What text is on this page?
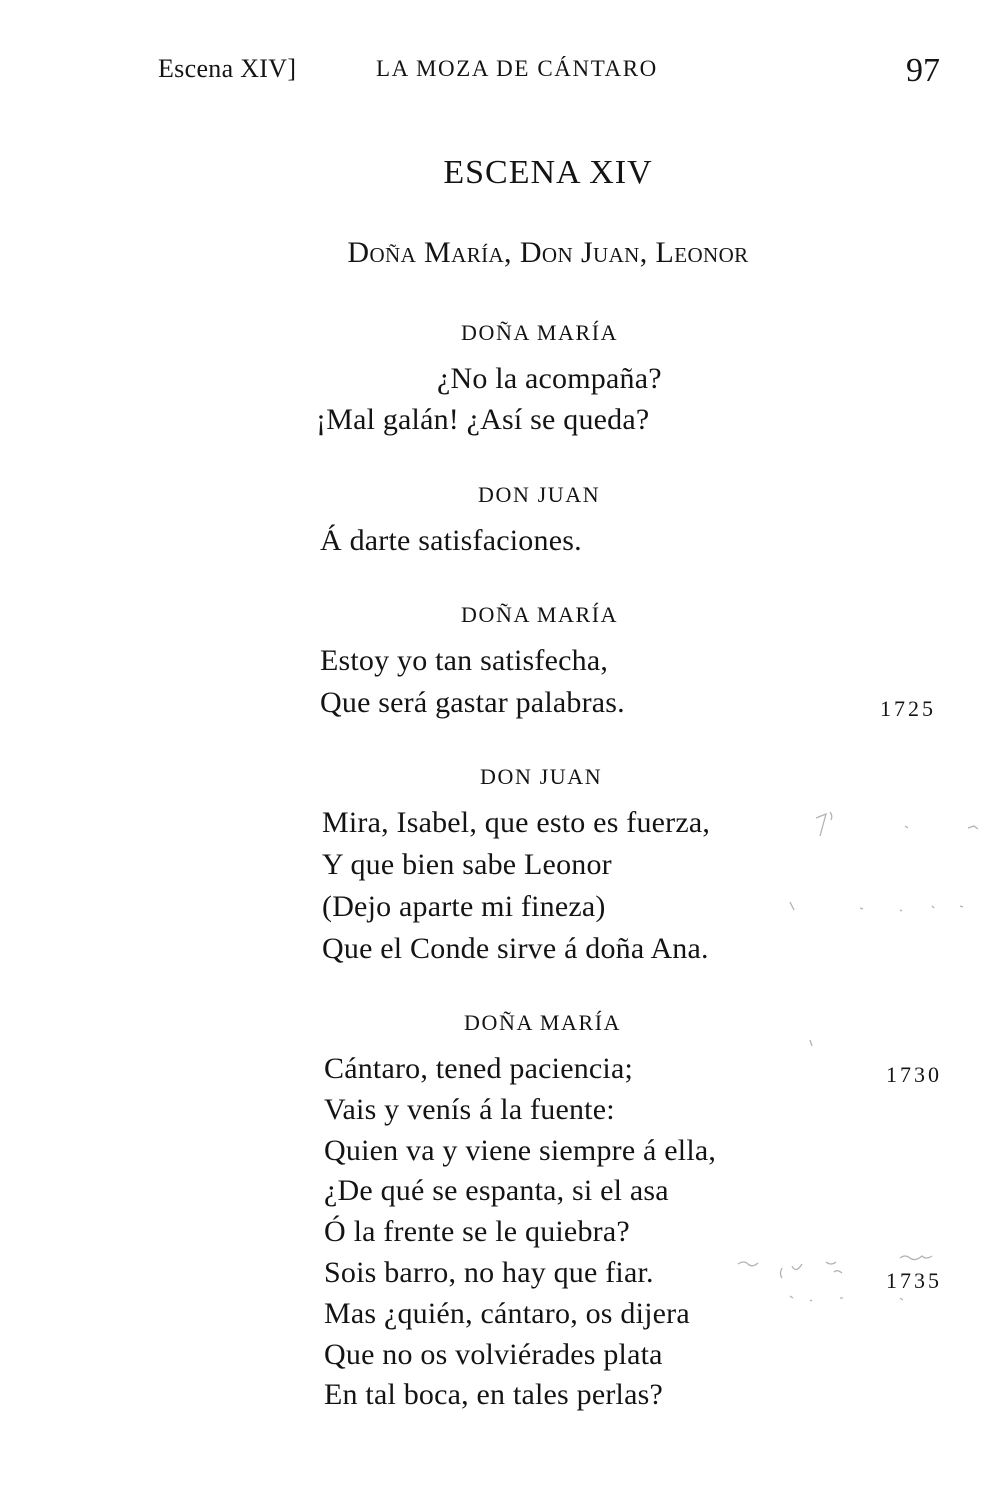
Escena XIV]	LA MOZA DE CÁNTARO	97
ESCENA XIV
Doña María, Don Juan, Leonor
DOÑA MARÍA
¿No la acompaña?
¡Mal galán! ¿Así se queda?
DON JUAN
Á darte satisfaciones.
DOÑA MARÍA
Estoy yo tan satisfecha,
Que será gastar palabras.	1725
DON JUAN
Mira, Isabel, que esto es fuerza,
Y que bien sabe Leonor
(Dejo aparte mi fineza)
Que el Conde sirve á doña Ana.
DOÑA MARÍA
Cántaro, tened paciencia;	1730
Vais y venís á la fuente:
Quien va y viene siempre á ella,
¿De qué se espanta, si el asa
Ó la frente se le quiebra?
Sois barro, no hay que fiar.	1735
Mas ¿quién, cántaro, os dijera
Que no os volviérades plata
En tal boca, en tales perlas?
